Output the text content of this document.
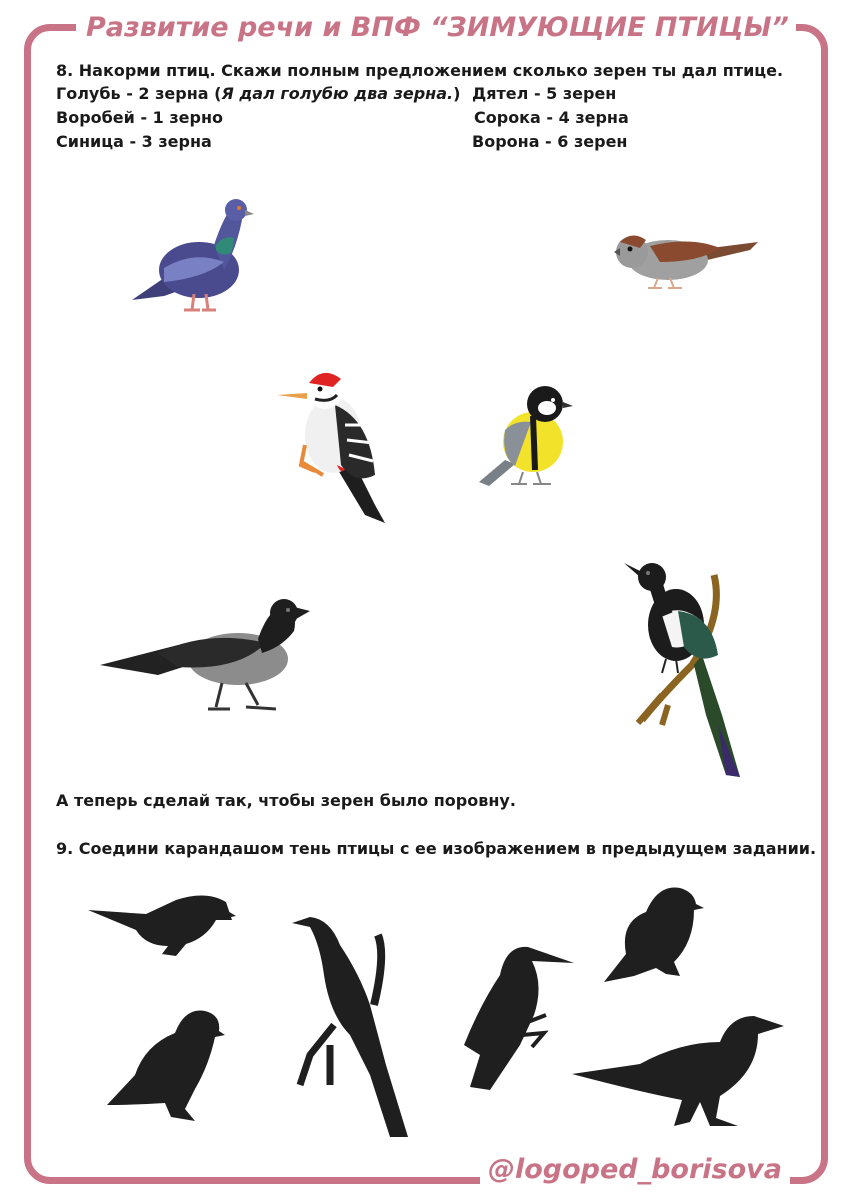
Развитие речи и ВПФ “ЗИМУЮЩИЕ ПТИЦЫ”
8. Накорми птиц. Скажи полным предложением сколько зерен ты дал птице.
Голубь - 2 зерна (Я дал голубю два зерна.)
Воробей - 1 зерно
Синица - 3 зерна
Дятел - 5 зерен
Сорока - 4 зерна
Ворона - 6 зерен
А теперь сделай так, чтобы зерен было поровну.
9. Соедини карандашом тень птицы с ее изображением в предыдущем задании.
@logoped_borisova
